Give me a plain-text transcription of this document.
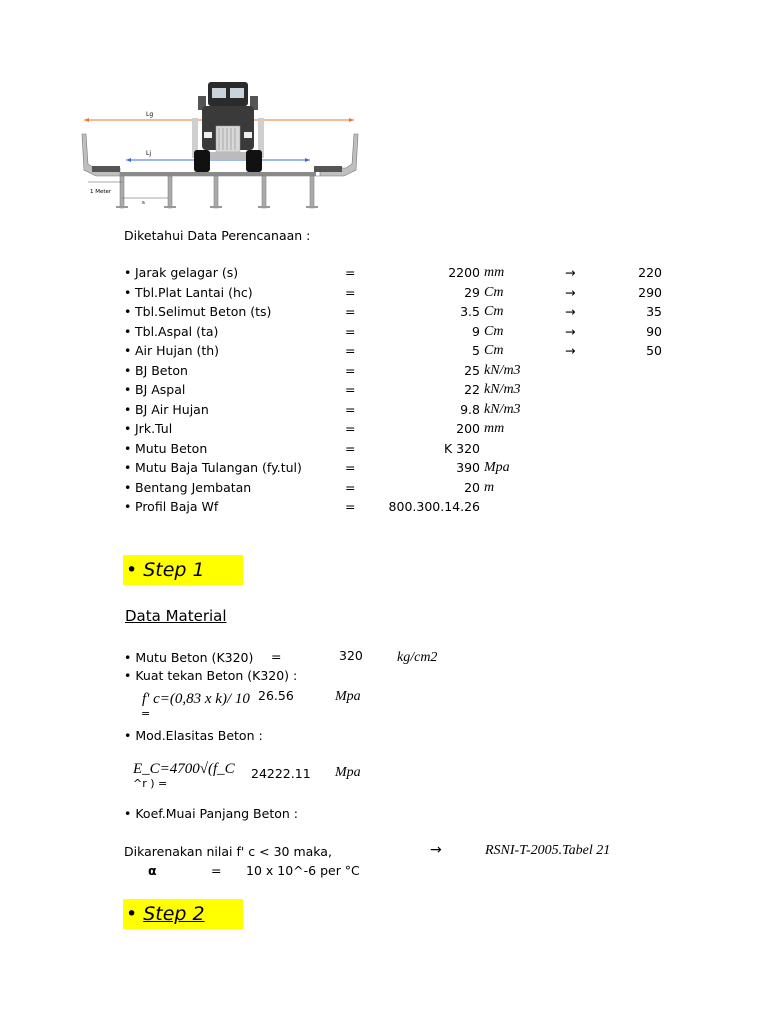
Lg
Lj
1 Meter
s
Diketahui Data Perencanaan :
• Jarak gelagar (s)	=	2200 mm	→	220
• Tbl.Plat Lantai (hc)	=	29 Cm	→	290
• Tbl.Selimut Beton (ts)	=	3.5 Cm	→	35
• Tbl.Aspal (ta)	=	9 Cm	→	90
• Air Hujan (th)	=	5 Cm	→	50
• BJ Beton	=	25 kN/m3
• BJ Aspal	=	22 kN/m3
• BJ Air Hujan	=	9.8 kN/m3
• Jrk.Tul	=	200 mm
• Mutu Beton	=	K 320
• Mutu Baja Tulangan (fy.tul)	=	390 Mpa
• Bentang Jembatan	=	20 m
• Profil Baja Wf	=	800.300.14.26
• Step 1
Data Material
• Mutu Beton (K320) =	320 kg/cm2
• Kuat tekan Beton (K320) :
f' c=(0,83 x k)/ 10
=
26.56	Mpa
• Mod.Elasitas Beton :
E_C=4700√(f_C
^r ) =
24222.11 Mpa
• Koef.Muai Panjang Beton :
Dikarenakan nilai f' c < 30 maka,	→	RSNI-T-2005.Tabel 21
α	= 10 x 10^-6 per °C
• Step 2
